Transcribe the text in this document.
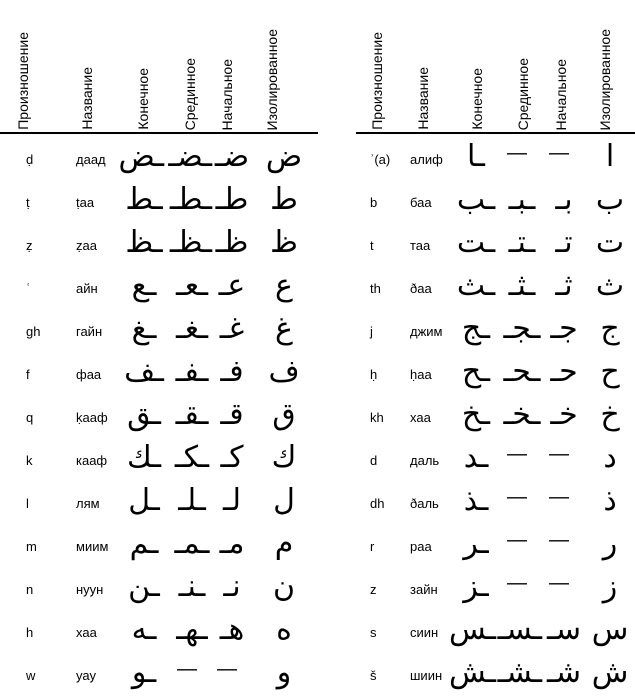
Произношение	Название	Конечное Срединное Начальное Изолированное
ḍ	даад ـض ـضـ ضـ ض
ṭ	ṭаа ـط ـطـ طـ ط
ẓ	ẓаа ـظ ـظـ ظـ ظ
ʿ	айн ـع ـعـ عـ ع
gh	гайн ـغ ـغـ غـ	غ
f	фаа ـف ـفـ فـ ف
q	ḳааф ـق ـقـ قـ ق
k	кааф ـك ـكـ كـ ك
l	лям ـل ـلـ لـ	ل
m	миим ـم ـمـ مـ	م
n	нуун ـن ـنـ نـ	ن
h	хаа ـه ـهـ هـ	ه
w	уау ـو	— —	و
Произношение Название	Конечное Срединное Начальное Изолированное
ʾ(a) алиф ـا	— —	ا
b	баа ـب ـبـ بـ ب
t	таа ـت ـتـ تـ ت
th ðаа ـث ـثـ ثـ ث
j	джим ـج ـجـ جـ ج
ḥ	ḥаа ـح ـحـ حـ ح
kh хаа ـخ ـخـ خـ خ
d	даль ـد — —	د
dh ðаль ـذ — —	ذ
r	раа ـر — —	ر
z	зайн ـز — —	ز
s	сиин ـس ـسـ سـ س
š	шиин ـش ـشـ شـ ش
